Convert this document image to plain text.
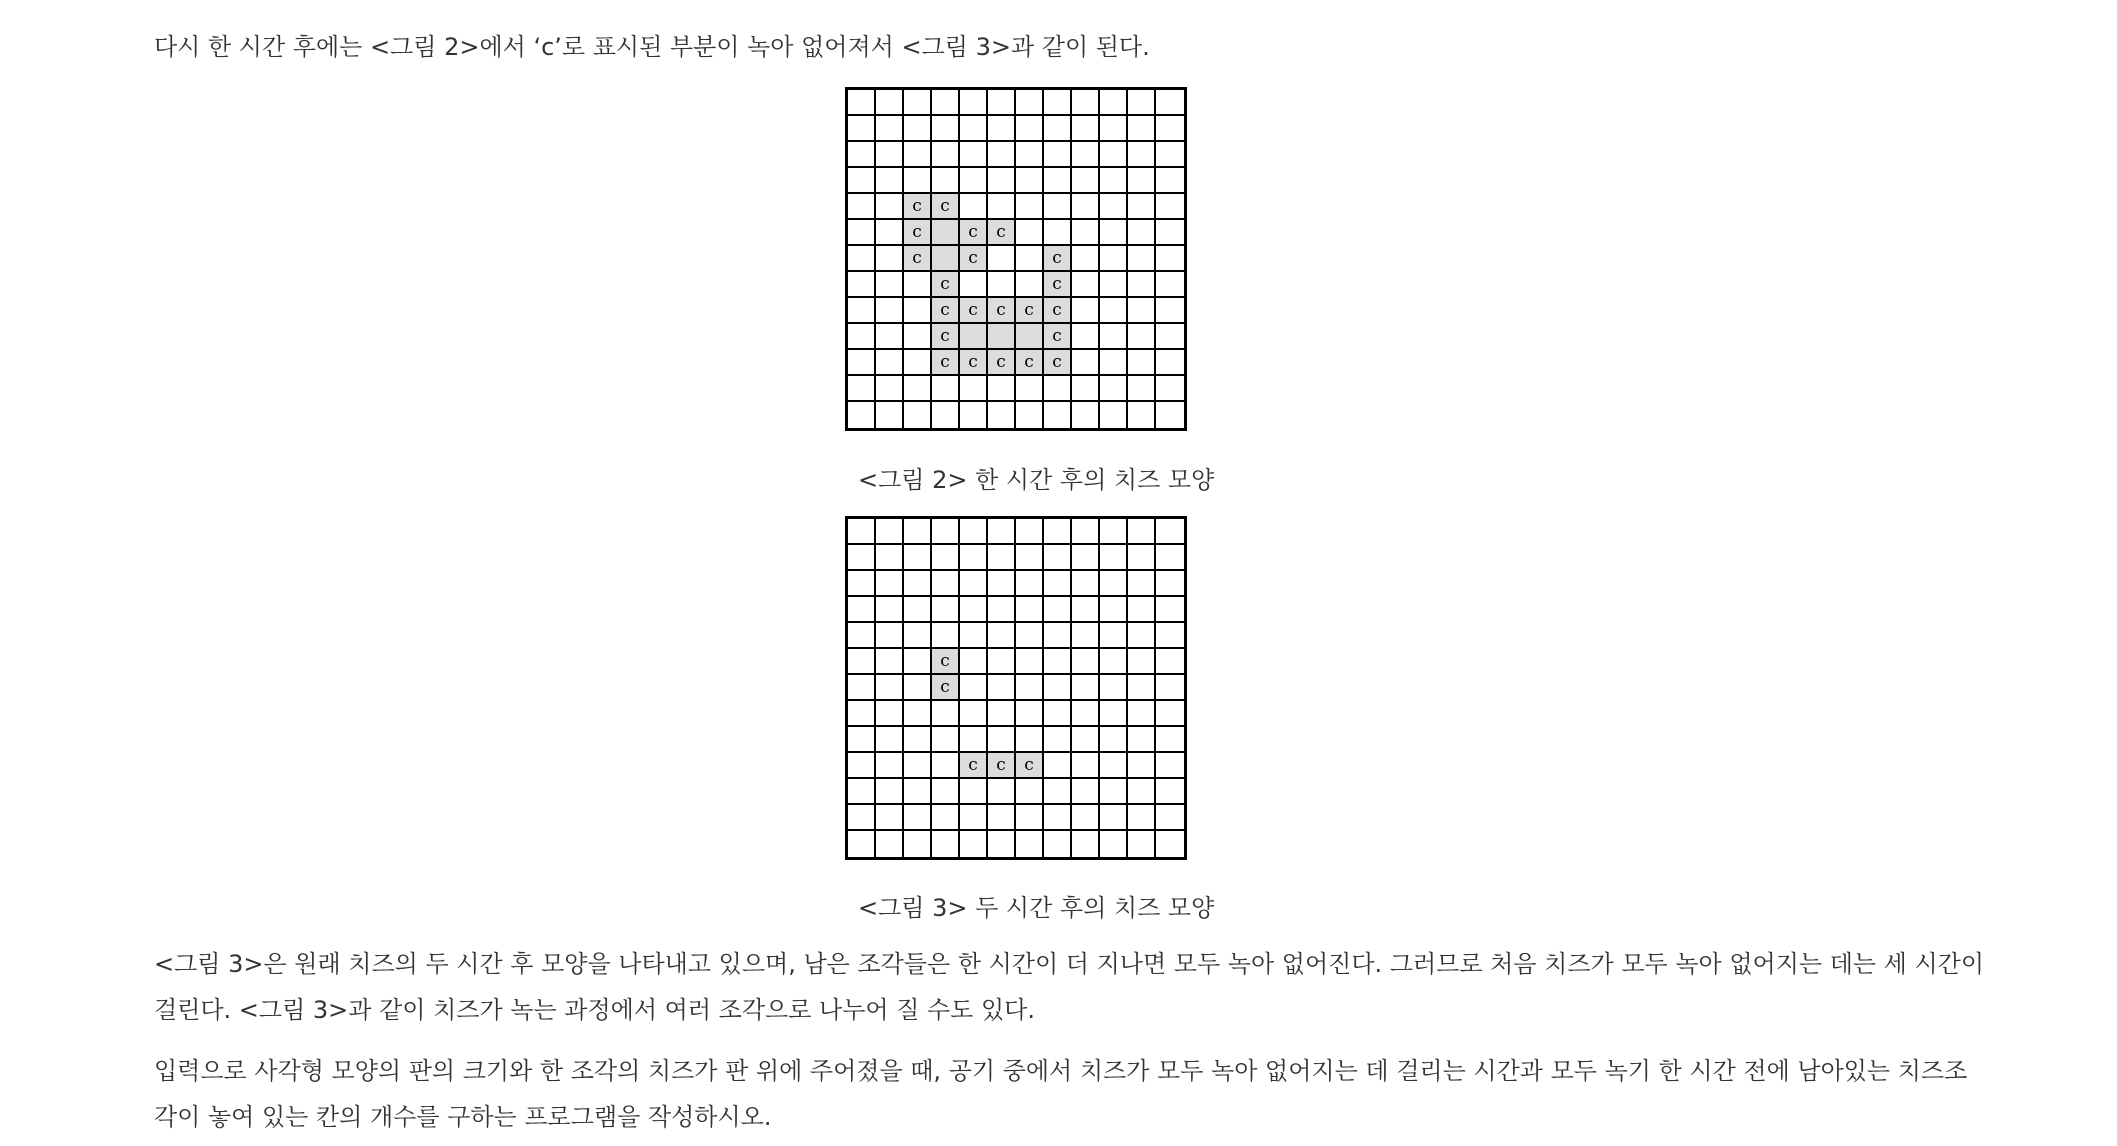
다시 한 시간 후에는 <그림 2>에서 ‘c’로 표시된 부분이 녹아 없어져서 <그림 3>과 같이 된다.
c	c
c	c	c
c	c	c
c	c
c	c	c	c	c
c	c
c	c	c	c	c
<그림 2> 한 시간 후의 치즈 모양
c
c
c	c	c
<그림 3> 두 시간 후의 치즈 모양
<그림 3>은 원래 치즈의 두 시간 후 모양을 나타내고 있으며, 남은 조각들은 한 시간이 더 지나면 모두 녹아 없어진다. 그러므로 처음 치즈가 모두 녹아 없어지는 데는 세 시간이
걸린다. <그림 3>과 같이 치즈가 녹는 과정에서 여러 조각으로 나누어 질 수도 있다.
입력으로 사각형 모양의 판의 크기와 한 조각의 치즈가 판 위에 주어졌을 때, 공기 중에서 치즈가 모두 녹아 없어지는 데 걸리는 시간과 모두 녹기 한 시간 전에 남아있는 치즈조
각이 놓여 있는 칸의 개수를 구하는 프로그램을 작성하시오.
